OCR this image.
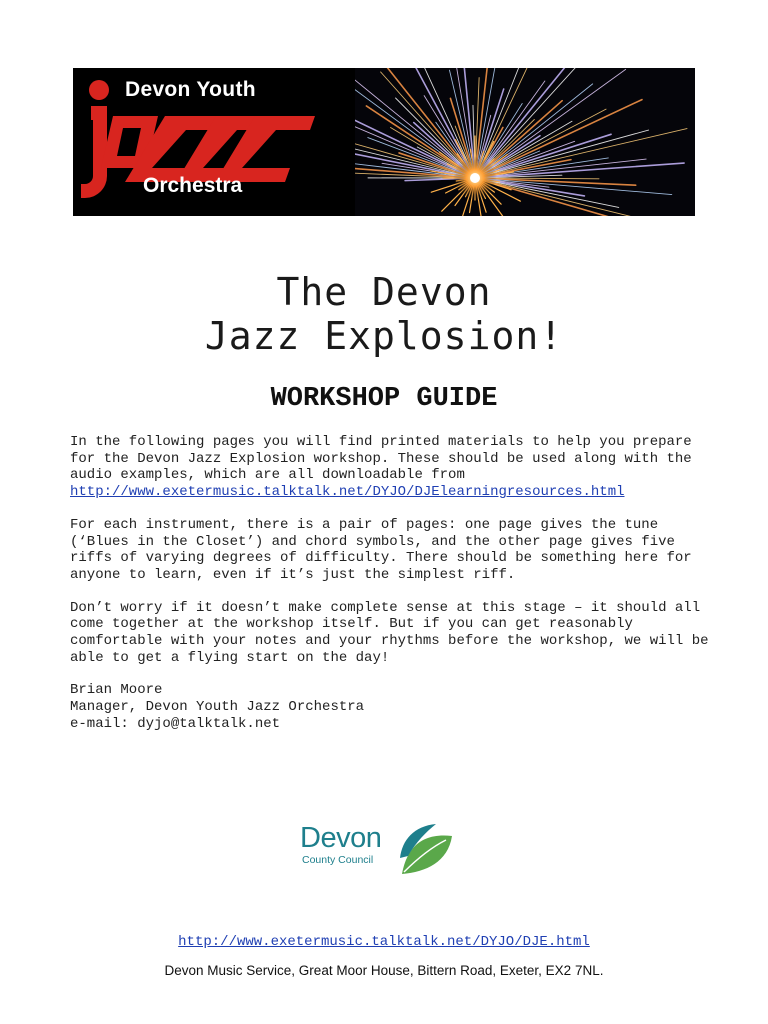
Devon Youth
Orchestra
The Devon
Jazz Explosion!
WORKSHOP GUIDE

In the following pages you will find printed materials to help you prepare for the Devon Jazz Explosion workshop. These should be used along with the audio examples, which are all downloadable from
http://www.exetermusic.talktalk.net/DYJO/DJElearningresources.html

For each instrument, there is a pair of pages: one page gives the tune (‘Blues in the Closet’) and chord symbols, and the other page gives five riffs of varying degrees of difficulty. There should be something here for anyone to learn, even if it’s just the simplest riff.

Don’t worry if it doesn’t make complete sense at this stage – it should all come together at the workshop itself. But if you can get reasonably comfortable with your notes and your rhythms before the workshop, we will be able to get a flying start on the day!

Brian Moore
Manager, Devon Youth Jazz Orchestra
e-mail: dyjo@talktalk.net
Devon
County Council
http://www.exetermusic.talktalk.net/DYJO/DJE.html
Devon Music Service, Great Moor House, Bittern Road, Exeter, EX2 7NL.
